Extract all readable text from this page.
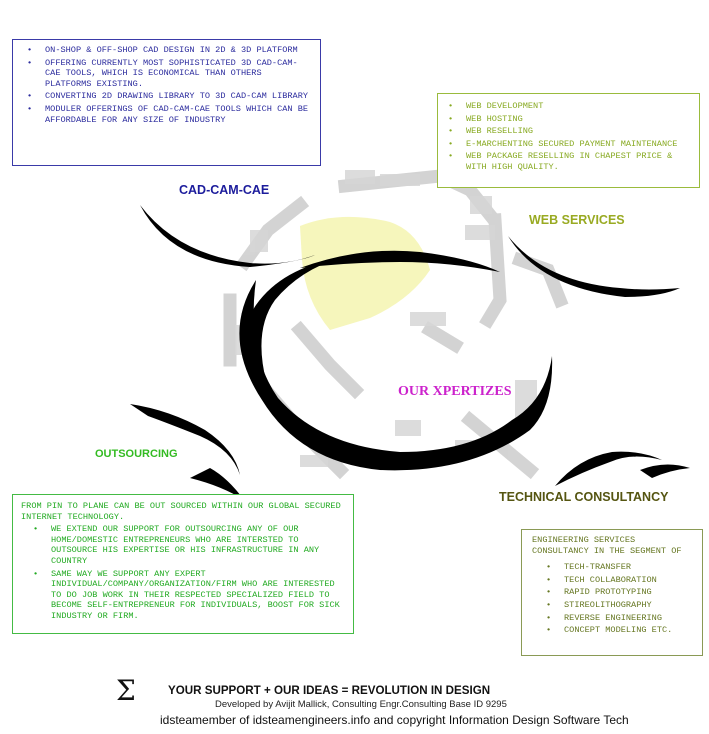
• ON-SHOP & OFF-SHOP CAD DESIGN IN 2D & 3D PLATFORM
• OFFERING CURRENTLY MOST SOPHISTICATED 3D CAD-CAM-CAE TOOLS, WHICH IS ECONOMICAL THAN OTHERS PLATFORMS EXISTING.
• CONVERTING 2D DRAWING LIBRARY TO 3D CAD-CAM LIBRARY
• MODULER OFFERINGS OF CAD-CAM-CAE TOOLS WHICH CAN BE AFFORDABLE FOR ANY SIZE OF INDUSTRY
• WEB DEVELOPMENT
• WEB HOSTING
• WEB RESELLING
• E-MARCHENTING SECURED PAYMENT MAINTENANCE
• WEB PACKAGE RESELLING IN CHAPEST PRICE & WITH HIGH QUALITY.
FROM PIN TO PLANE CAN BE OUT SOURCED WITHIN OUR GLOBAL SECURED INTERNET TECHNOLOGY.
• WE EXTEND OUR SUPPORT FOR OUTSOURCING ANY OF OUR HOME/DOMESTIC ENTREPRENEURS WHO ARE INTERSTED TO OUTSOURCE HIS EXPERTISE OR HIS INFRASTRUCTURE IN ANY COUNTRY
• SAME WAY WE SUPPORT ANY EXPERT INDIVIDUAL/COMPANY/ORGANIZATION/FIRM WHO ARE INTERESTED TO DO JOB WORK IN THEIR RESPECTED SPECIALIZED FIELD TO BECOME SELF-ENTREPRENEUR FOR INDIVIDUALS, BOOST FOR SICK INDUSTRY OR FIRM.
ENGINEERING SERVICES CONSULTANCY IN THE SEGMENT OF
• TECH-TRANSFER
• TECH COLLABORATION
• RAPID PROTOTYPING
• STIREOLITHOGRAPHY
• REVERSE ENGINEERING
• CONCEPT MODELING ETC.
CAD-CAM-CAE
WEB SERVICES
OUR XPERTIZES
OUTSOURCING
TECHNICAL CONSULTANCY
Σ	YOUR SUPPORT + OUR IDEAS = REVOLUTION IN DESIGN
Developed by Avijit Mallick, Consulting Engr.Consulting Base ID 9295
idsteamember of idsteamengineers.info and copyright Information Design Software Tech
